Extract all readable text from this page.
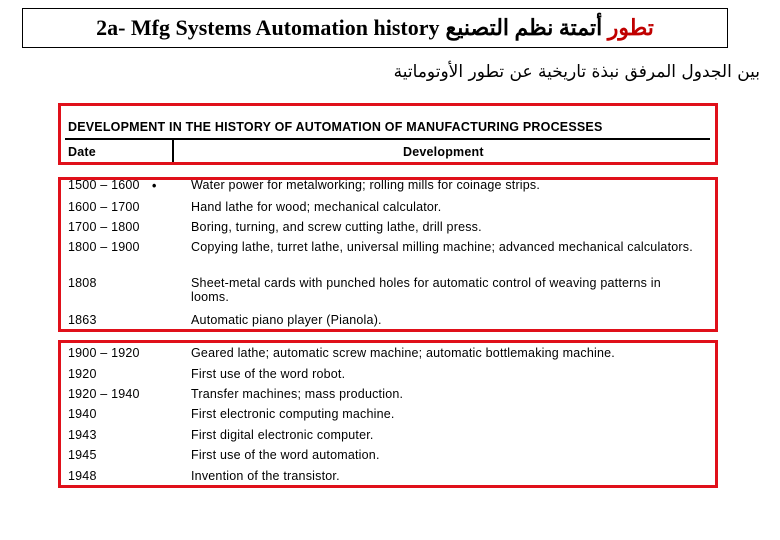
2a- Mfg Systems Automation history	تطور أتمتة نظم التصنيع
بين الجدول المرفق نبذة تاريخية عن تطور الأوتوماتية
DEVELOPMENT IN THE HISTORY OF AUTOMATION OF MANUFACTURING PROCESSES
Date	Development
•
1500 – 1600	Water power for metalworking; rolling mills for coinage strips.
1600 – 1700	Hand lathe for wood; mechanical calculator.
1700 – 1800	Boring, turning, and screw cutting lathe, drill press.
1800 – 1900	Copying lathe, turret lathe, universal milling machine; advanced mechanical calculators.
1808	Sheet-metal cards with punched holes for automatic control of weaving patterns in looms.
1863	Automatic piano player (Pianola).
1900 – 1920	Geared lathe; automatic screw machine; automatic bottlemaking machine.
1920	First use of the word robot.
1920 – 1940	Transfer machines; mass production.
1940	First electronic computing machine.
1943	First digital electronic computer.
1945	First use of the word automation.
1948	Invention of the transistor.
